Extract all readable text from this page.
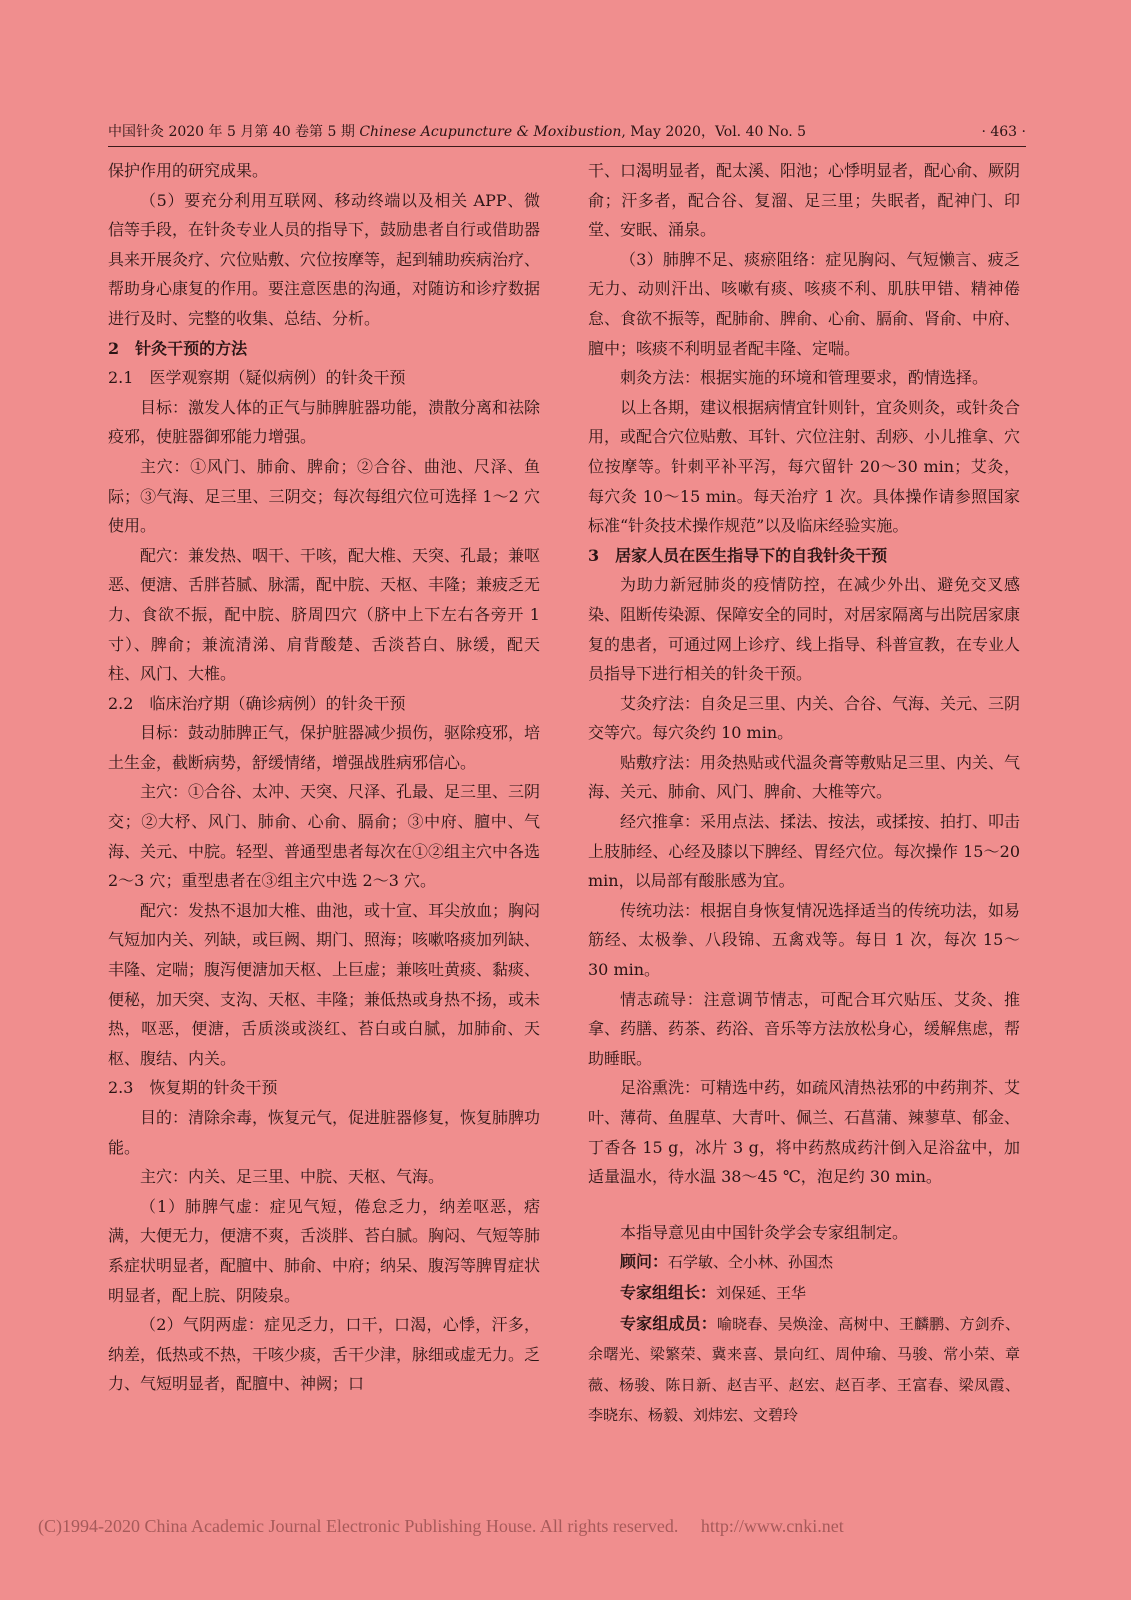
中国针灸 2020 年 5 月第 40 卷第 5 期 Chinese Acupuncture & Moxibustion, May 2020，Vol. 40 No. 5	· 463 ·

保护作用的研究成果。

（5）要充分利用互联网、移动终端以及相关 APP、微信等手段，在针灸专业人员的指导下，鼓励患者自行或借助器具来开展灸疗、穴位贴敷、穴位按摩等，起到辅助疾病治疗、帮助身心康复的作用。要注意医患的沟通，对随访和诊疗数据进行及时、完整的收集、总结、分析。

2　针灸干预的方法
2.1　医学观察期（疑似病例）的针灸干预

目标：激发人体的正气与肺脾脏器功能，溃散分离和祛除疫邪，使脏器御邪能力增强。

主穴：①风门、肺俞、脾俞；②合谷、曲池、尺泽、鱼际；③气海、足三里、三阴交；每次每组穴位可选择 1～2 穴使用。

配穴：兼发热、咽干、干咳，配大椎、天突、孔最；兼呕恶、便溏、舌胖苔腻、脉濡，配中脘、天枢、丰隆；兼疲乏无力、食欲不振，配中脘、脐周四穴（脐中上下左右各旁开 1 寸）、脾俞；兼流清涕、肩背酸楚、舌淡苔白、脉缓，配天柱、风门、大椎。

2.2　临床治疗期（确诊病例）的针灸干预

目标：鼓动肺脾正气，保护脏器减少损伤，驱除疫邪，培土生金，截断病势，舒缓情绪，增强战胜病邪信心。

主穴：①合谷、太冲、天突、尺泽、孔最、足三里、三阴交；②大杼、风门、肺俞、心俞、膈俞；③中府、膻中、气海、关元、中脘。轻型、普通型患者每次在①②组主穴中各选 2～3 穴；重型患者在③组主穴中选 2～3 穴。

配穴：发热不退加大椎、曲池，或十宣、耳尖放血；胸闷气短加内关、列缺，或巨阙、期门、照海；咳嗽咯痰加列缺、丰隆、定喘；腹泻便溏加天枢、上巨虚；兼咳吐黄痰、黏痰、便秘，加天突、支沟、天枢、丰隆；兼低热或身热不扬，或未热，呕恶，便溏，舌质淡或淡红、苔白或白腻，加肺俞、天枢、腹结、内关。

2.3　恢复期的针灸干预

目的：清除余毒，恢复元气，促进脏器修复，恢复肺脾功能。

主穴：内关、足三里、中脘、天枢、气海。

（1）肺脾气虚：症见气短，倦怠乏力，纳差呕恶，痞满，大便无力，便溏不爽，舌淡胖、苔白腻。胸闷、气短等肺系症状明显者，配膻中、肺俞、中府；纳呆、腹泻等脾胃症状明显者，配上脘、阴陵泉。

（2）气阴两虚：症见乏力，口干，口渴，心悸，汗多，纳差，低热或不热，干咳少痰，舌干少津，脉细或虚无力。乏力、气短明显者，配膻中、神阙；口

干、口渴明显者，配太溪、阳池；心悸明显者，配心俞、厥阴俞；汗多者，配合谷、复溜、足三里；失眠者，配神门、印堂、安眠、涌泉。

（3）肺脾不足、痰瘀阻络：症见胸闷、气短懒言、疲乏无力、动则汗出、咳嗽有痰、咳痰不利、肌肤甲错、精神倦怠、食欲不振等，配肺俞、脾俞、心俞、膈俞、肾俞、中府、膻中；咳痰不利明显者配丰隆、定喘。

刺灸方法：根据实施的环境和管理要求，酌情选择。

以上各期，建议根据病情宜针则针，宜灸则灸，或针灸合用，或配合穴位贴敷、耳针、穴位注射、刮痧、小儿推拿、穴位按摩等。针刺平补平泻，每穴留针 20～30 min；艾灸，每穴灸 10～15 min。每天治疗 1 次。具体操作请参照国家标准“针灸技术操作规范”以及临床经验实施。

3　居家人员在医生指导下的自我针灸干预

为助力新冠肺炎的疫情防控，在减少外出、避免交叉感染、阻断传染源、保障安全的同时，对居家隔离与出院居家康复的患者，可通过网上诊疗、线上指导、科普宣教，在专业人员指导下进行相关的针灸干预。

艾灸疗法：自灸足三里、内关、合谷、气海、关元、三阴交等穴。每穴灸约 10 min。

贴敷疗法：用灸热贴或代温灸膏等敷贴足三里、内关、气海、关元、肺俞、风门、脾俞、大椎等穴。

经穴推拿：采用点法、揉法、按法，或揉按、拍打、叩击上肢肺经、心经及膝以下脾经、胃经穴位。每次操作 15～20 min，以局部有酸胀感为宜。

传统功法：根据自身恢复情况选择适当的传统功法，如易筋经、太极拳、八段锦、五禽戏等。每日 1 次，每次 15～30 min。

情志疏导：注意调节情志，可配合耳穴贴压、艾灸、推拿、药膳、药茶、药浴、音乐等方法放松身心，缓解焦虑，帮助睡眠。

足浴熏洗：可精选中药，如疏风清热祛邪的中药荆芥、艾叶、薄荷、鱼腥草、大青叶、佩兰、石菖蒲、辣蓼草、郁金、丁香各 15 g，冰片 3 g，将中药熬成药汁倒入足浴盆中，加适量温水，待水温 38～45 ℃，泡足约 30 min。

本指导意见由中国针灸学会专家组制定。

顾问：石学敏、仝小林、孙国杰

专家组组长：刘保延、王华

专家组成员：喻晓春、吴焕淦、高树中、王麟鹏、方剑乔、余曙光、梁繁荣、冀来喜、景向红、周仲瑜、马骏、常小荣、章薇、杨骏、陈日新、赵吉平、赵宏、赵百孝、王富春、梁凤霞、李晓东、杨毅、刘炜宏、文碧玲

(C)1994-2020 China Academic Journal Electronic Publishing House. All rights reserved.　 http://www.cnki.net
